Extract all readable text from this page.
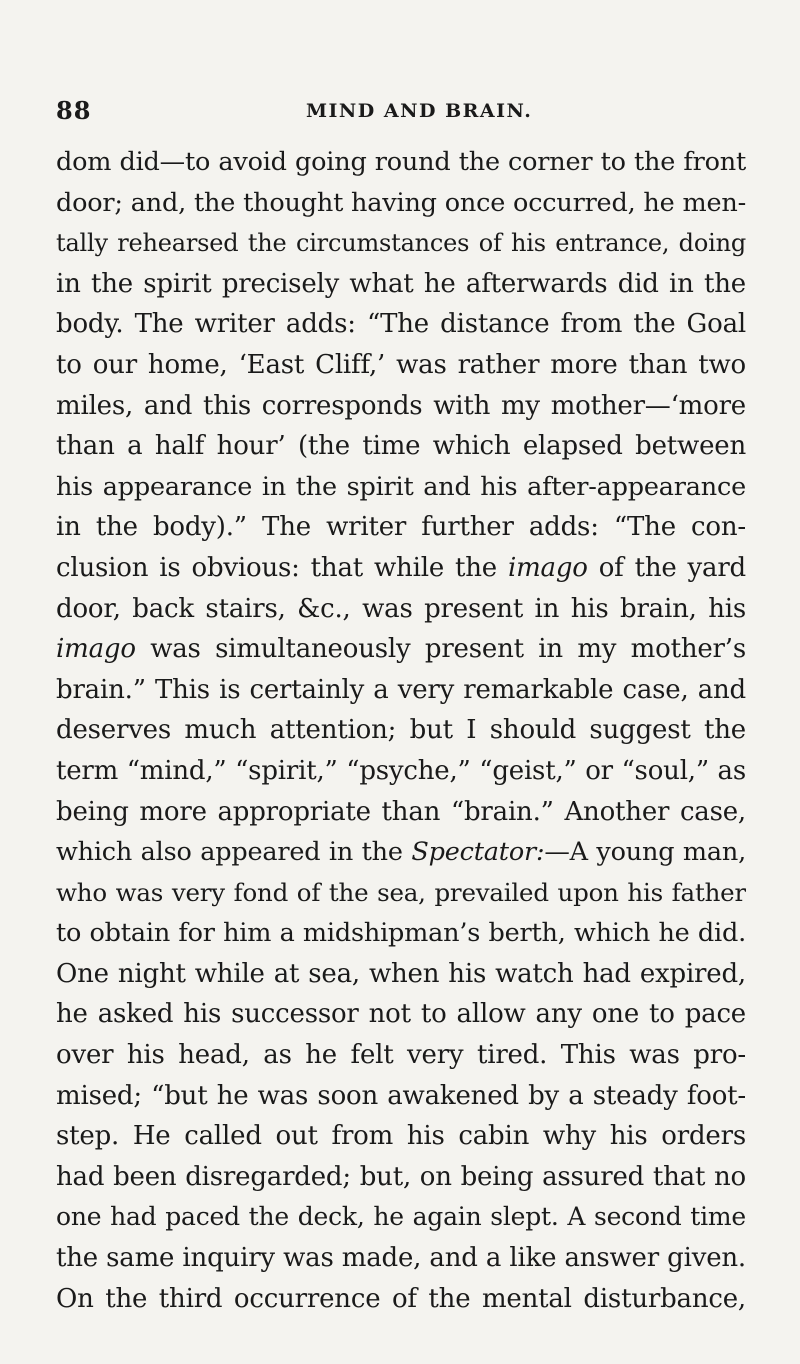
88	MIND AND BRAIN.
dom did—to avoid going round the corner to the front
door; and, the thought having once occurred, he men-
tally rehearsed the circumstances of his entrance, doing
in the spirit precisely what he afterwards did in the
body. The writer adds: “The distance from the Goal
to our home, ‘East Cliff,’ was rather more than two
miles, and this corresponds with my mother—‘more
than a half hour’ (the time which elapsed between
his appearance in the spirit and his after-appearance
in the body).” The writer further adds: “The con-
clusion is obvious: that while the imago of the yard
door, back stairs, &c., was present in his brain, his
imago was simultaneously present in my mother’s
brain.” This is certainly a very remarkable case, and
deserves much attention; but I should suggest the
term “mind,” “spirit,” “psyche,” “geist,” or “soul,” as
being more appropriate than “brain.” Another case,
which also appeared in the Spectator:—A young man,
who was very fond of the sea, prevailed upon his father
to obtain for him a midshipman’s berth, which he did.
One night while at sea, when his watch had expired,
he asked his successor not to allow any one to pace
over his head, as he felt very tired. This was pro-
mised; “but he was soon awakened by a steady foot-
step. He called out from his cabin why his orders
had been disregarded; but, on being assured that no
one had paced the deck, he again slept. A second time
the same inquiry was made, and a like answer given.
On the third occurrence of the mental disturbance,
